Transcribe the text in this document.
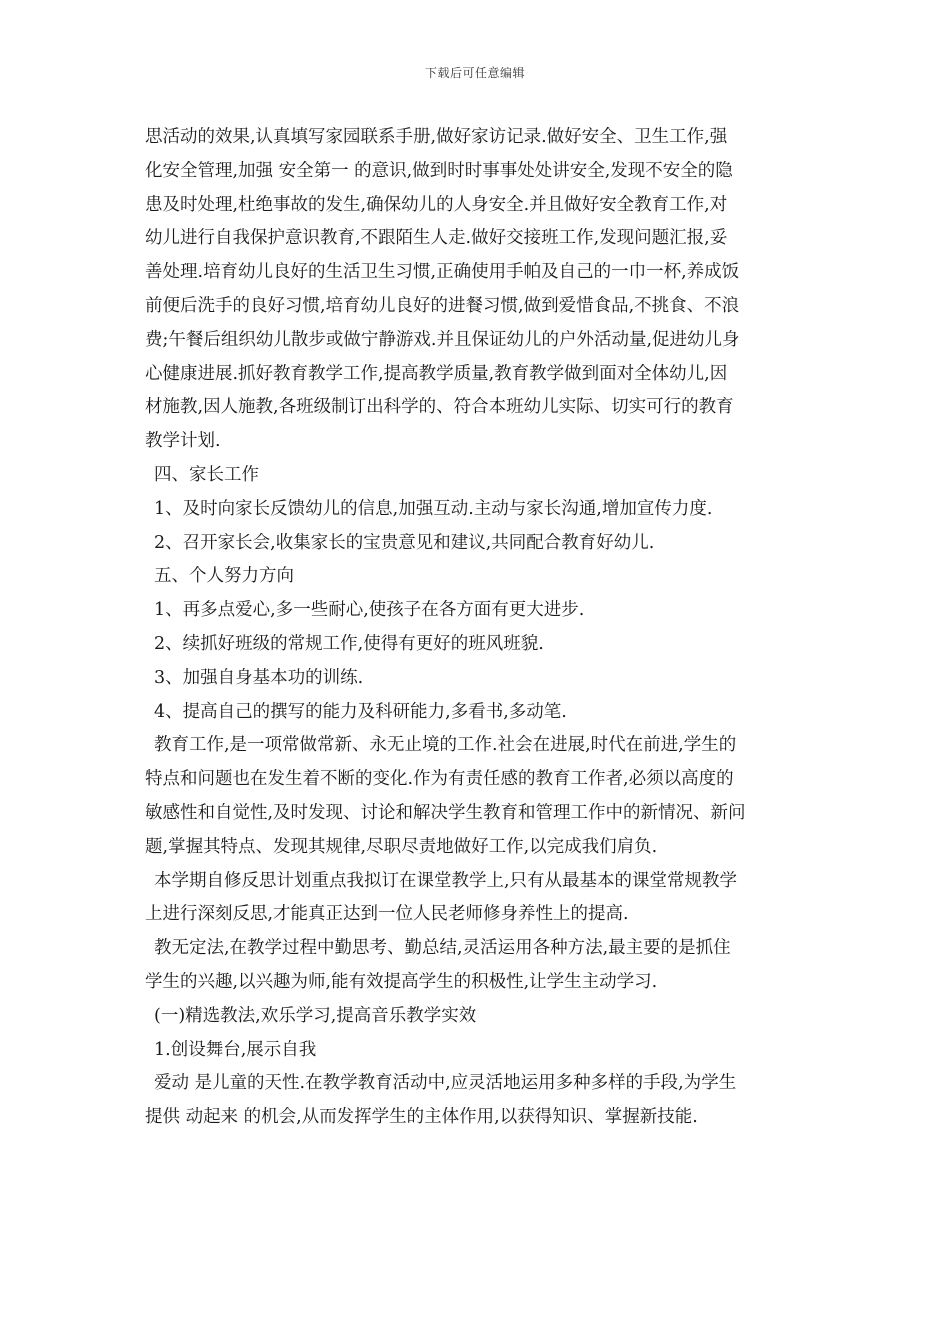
下载后可任意编辑
思活动的效果,认真填写家园联系手册,做好家访记录.做好安全、卫生工作,强
化安全管理,加强 安全第一 的意识,做到时时事事处处讲安全,发现不安全的隐
患及时处理,杜绝事故的发生,确保幼儿的人身安全.并且做好安全教育工作,对
幼儿进行自我保护意识教育,不跟陌生人走.做好交接班工作,发现问题汇报,妥
善处理.培育幼儿良好的生活卫生习惯,正确使用手帕及自己的一巾一杯,养成饭
前便后洗手的良好习惯,培育幼儿良好的进餐习惯,做到爱惜食品,不挑食、不浪
费;午餐后组织幼儿散步或做宁静游戏.并且保证幼儿的户外活动量,促进幼儿身
心健康进展.抓好教育教学工作,提高教学质量,教育教学做到面对全体幼儿,因
材施教,因人施教,各班级制订出科学的、符合本班幼儿实际、切实可行的教育
教学计划.
四、家长工作
1、及时向家长反馈幼儿的信息,加强互动.主动与家长沟通,增加宣传力度.
2、召开家长会,收集家长的宝贵意见和建议,共同配合教育好幼儿.
五、个人努力方向
1、再多点爱心,多一些耐心,使孩子在各方面有更大进步.
2、续抓好班级的常规工作,使得有更好的班风班貌.
3、加强自身基本功的训练.
4、提高自己的撰写的能力及科研能力,多看书,多动笔.
教育工作,是一项常做常新、永无止境的工作.社会在进展,时代在前进,学生的
特点和问题也在发生着不断的变化.作为有责任感的教育工作者,必须以高度的
敏感性和自觉性,及时发现、讨论和解决学生教育和管理工作中的新情况、新问
题,掌握其特点、发现其规律,尽职尽责地做好工作,以完成我们肩负.
本学期自修反思计划重点我拟订在课堂教学上,只有从最基本的课堂常规教学
上进行深刻反思,才能真正达到一位人民老师修身养性上的提高.
教无定法,在教学过程中勤思考、勤总结,灵活运用各种方法,最主要的是抓住
学生的兴趣,以兴趣为师,能有效提高学生的积极性,让学生主动学习.
(一)精选教法,欢乐学习,提高音乐教学实效
1.创设舞台,展示自我
爱动 是儿童的天性.在教学教育活动中,应灵活地运用多种多样的手段,为学生
提供 动起来 的机会,从而发挥学生的主体作用,以获得知识、掌握新技能.
